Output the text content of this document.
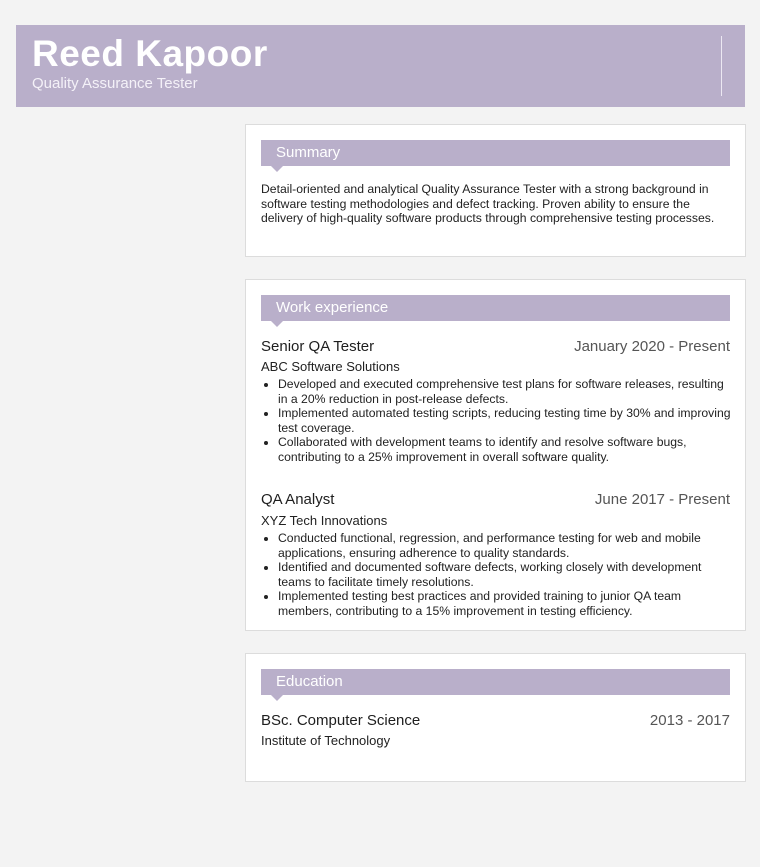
Reed Kapoor
Quality Assurance Tester
Summary
Detail-oriented and analytical Quality Assurance Tester with a strong background in software testing methodologies and defect tracking. Proven ability to ensure the delivery of high-quality software products through comprehensive testing processes.
Work experience
Senior QA Tester	January 2020 - Present
ABC Software Solutions
• Developed and executed comprehensive test plans for software releases, resulting in a 20% reduction in post-release defects.
• Implemented automated testing scripts, reducing testing time by 30% and improving test coverage.
• Collaborated with development teams to identify and resolve software bugs, contributing to a 25% improvement in overall software quality.
QA Analyst	June 2017 - Present
XYZ Tech Innovations
• Conducted functional, regression, and performance testing for web and mobile applications, ensuring adherence to quality standards.
• Identified and documented software defects, working closely with development teams to facilitate timely resolutions.
• Implemented testing best practices and provided training to junior QA team members, contributing to a 15% improvement in testing efficiency.
Education
BSc. Computer Science	2013 - 2017
Institute of Technology
